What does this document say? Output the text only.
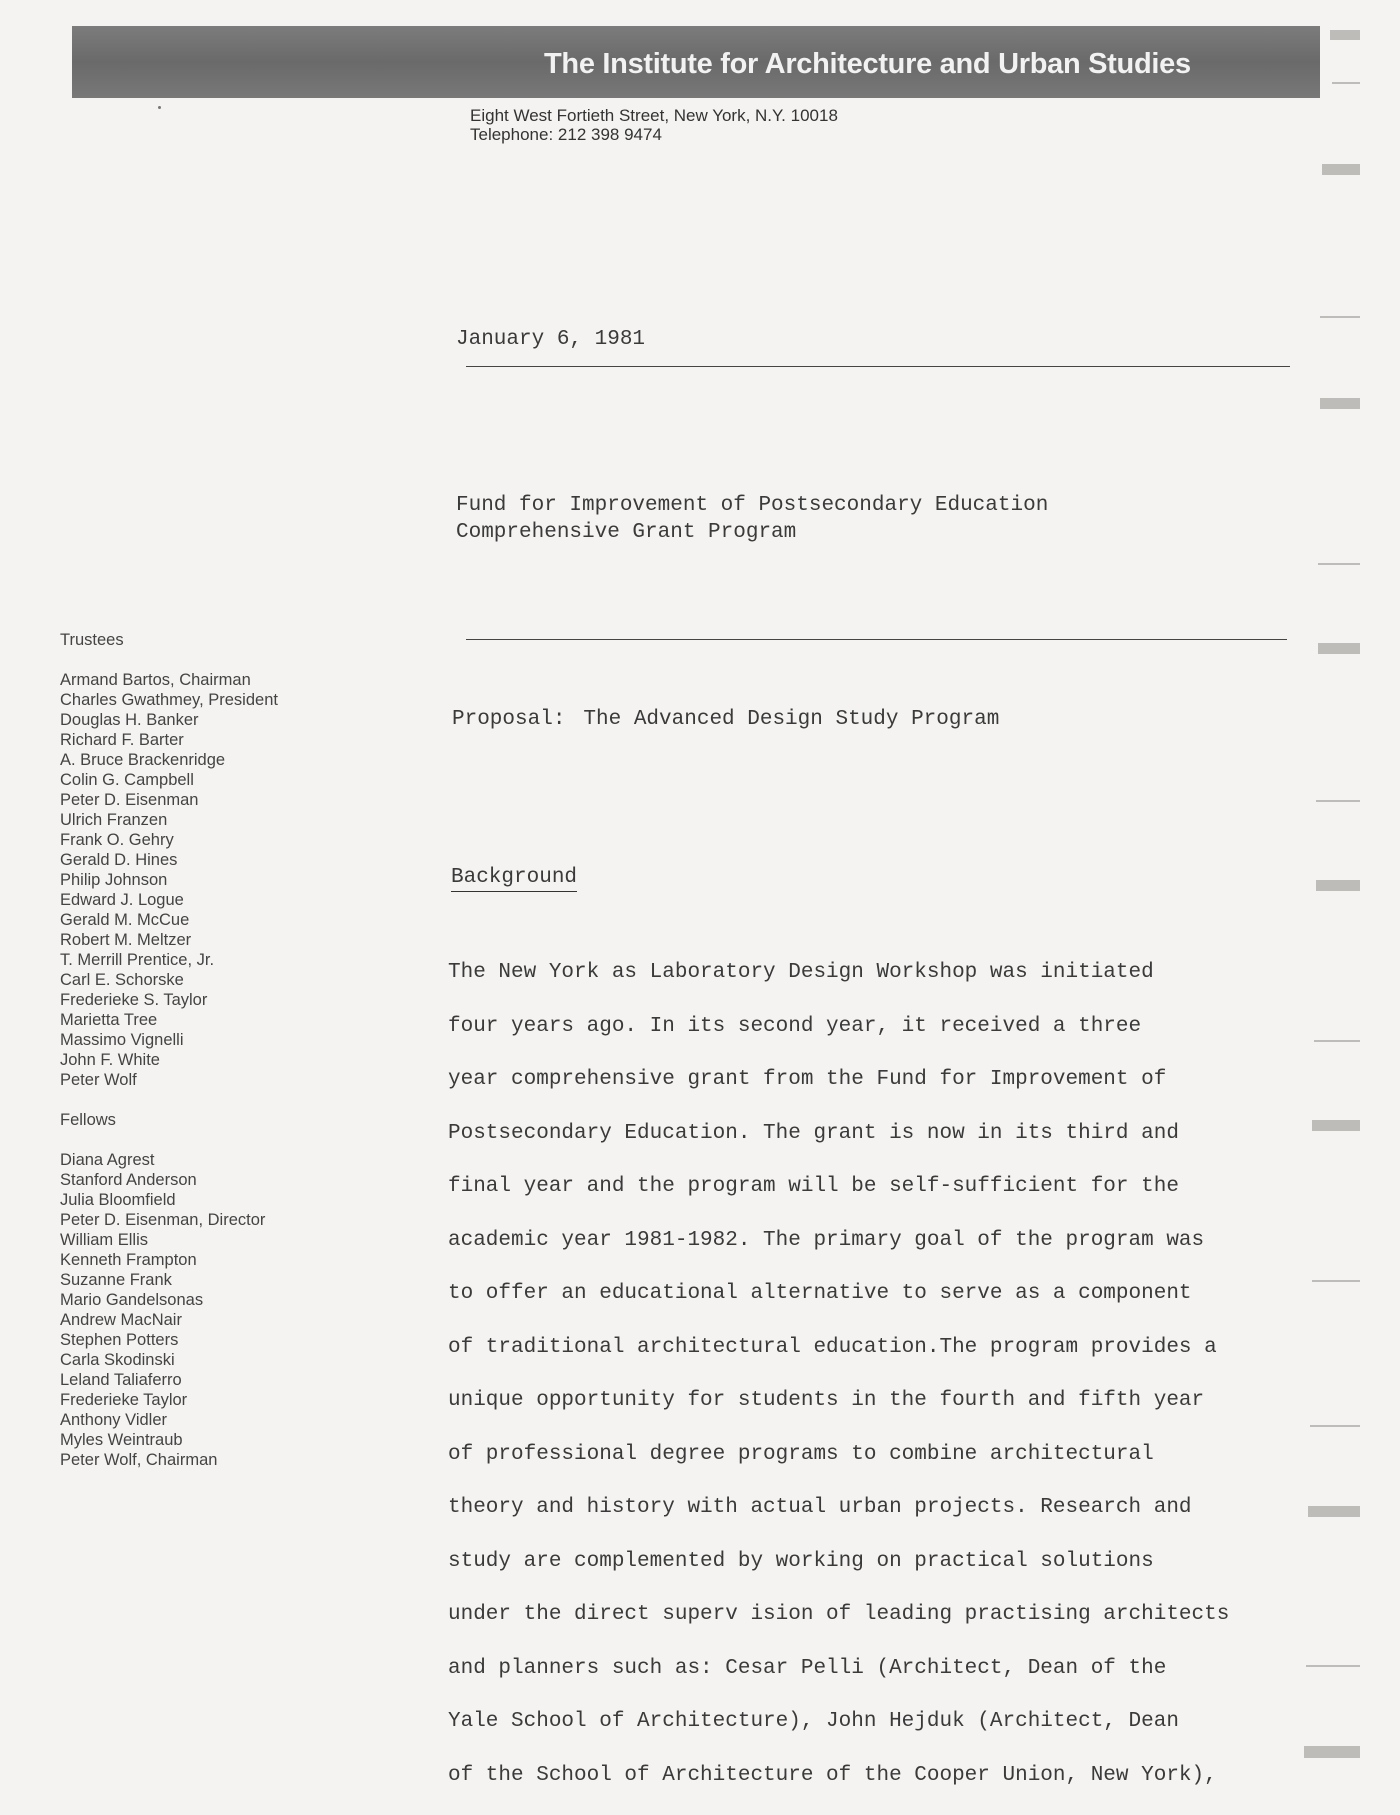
The Institute for Architecture and Urban Studies
Eight West Fortieth Street, New York, N.Y. 10018
Telephone: 212 398 9474
January 6, 1981
Fund for Improvement of Postsecondary Education
Comprehensive Grant Program
Proposal: The Advanced Design Study Program
Background
The New York as Laboratory Design Workshop was initiated
four years ago. In its second year, it received a three
year comprehensive grant from the Fund for Improvement of
Postsecondary Education. The grant is now in its third and
final year and the program will be self-sufficient for the
academic year 1981-1982. The primary goal of the program was
to offer an educational alternative to serve as a component
of traditional architectural education.The program provides a
unique opportunity for students in the fourth and fifth year
of professional degree programs to combine architectural
theory and history with actual urban projects. Research and
study are complemented by working on practical solutions
under the direct superv ision of leading practising architects
and planners such as: Cesar Pelli (Architect, Dean of the
Yale School of Architecture), John Hejduk (Architect, Dean
of the School of Architecture of the Cooper Union, New York),
Trustees
Armand Bartos, Chairman
Charles Gwathmey, President
Douglas H. Banker
Richard F. Barter
A. Bruce Brackenridge
Colin G. Campbell
Peter D. Eisenman
Ulrich Franzen
Frank O. Gehry
Gerald D. Hines
Philip Johnson
Edward J. Logue
Gerald M. McCue
Robert M. Meltzer
T. Merrill Prentice, Jr.
Carl E. Schorske
Frederieke S. Taylor
Marietta Tree
Massimo Vignelli
John F. White
Peter Wolf
Fellows
Diana Agrest
Stanford Anderson
Julia Bloomfield
Peter D. Eisenman, Director
William Ellis
Kenneth Frampton
Suzanne Frank
Mario Gandelsonas
Andrew MacNair
Stephen Potters
Carla Skodinski
Leland Taliaferro
Frederieke Taylor
Anthony Vidler
Myles Weintraub
Peter Wolf, Chairman
